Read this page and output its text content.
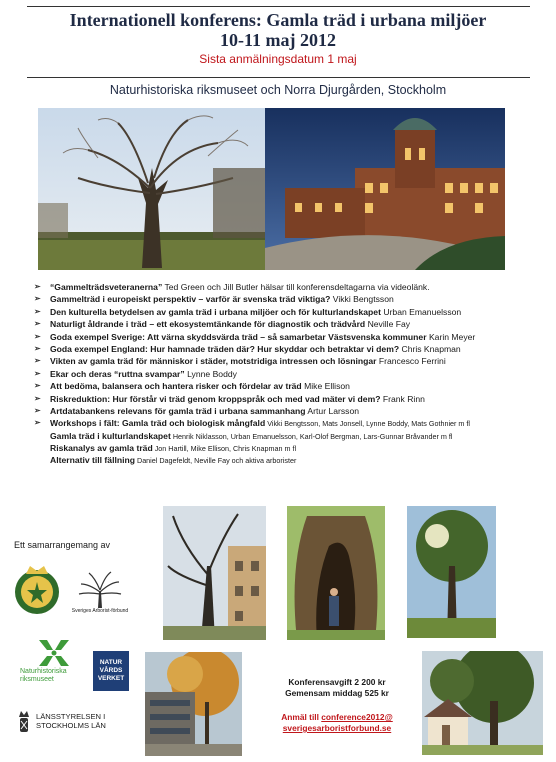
Internationell konferens: Gamla träd i urbana miljöer
10-11 maj 2012
Sista anmälningsdatum 1 maj
Naturhistoriska riksmuseet och Norra Djurgården, Stockholm
➢ “Gammelträdsveteranerna” Ted Green och Jill Butler hälsar till konferensdeltagarna via videolänk.
➢ Gammelträd i europeiskt perspektiv – varför är svenska träd viktiga? Vikki Bengtsson
➢ Den kulturella betydelsen av gamla träd i urbana miljöer och för kulturlandskapet Urban Emanuelsson
➢ Naturligt åldrande i träd – ett ekosystemtänkande för diagnostik och trädvård Neville Fay
➢ Goda exempel Sverige: Att värna skyddsvärda träd – så samarbetar Västsvenska kommuner Karin Meyer
➢ Goda exempel England: Hur hamnade träden där? Hur skyddar och betraktar vi dem? Chris Knapman
➢ Vikten av gamla träd för människor i städer, motstridiga intressen och lösningar Francesco Ferrini
➢ Ekar och deras “ruttna svampar” Lynne Boddy
➢ Att bedöma, balansera och hantera risker och fördelar av träd Mike Ellison
➢ Riskreduktion: Hur förstår vi träd genom kroppspråk och med vad mäter vi dem? Frank Rinn
➢ Artdatabankens relevans för gamla träd i urbana sammanhang Artur Larsson
➢ Workshops i fält: Gamla träd och biologisk mångfald Vikki Bengtsson, Mats Jonsell, Lynne Boddy, Mats Gothnier m fl
Gamla träd i kulturlandskapet Henrik Niklasson, Urban Emanuelsson, Karl-Olof Bergman, Lars-Gunnar Bråvander m fl
Riskanalys av gamla träd Jon Hartill, Mike Ellison, Chris Knapman m fl
Alternativ till fällning Daniel Dagefeldt, Neville Fay och aktiva arborister
Ett samarrangemang av
Sveriges Arborist-förbund
Naturhistoriska riksmuseet
NATUR VÅRDS VERKET
LÄNSSTYRELSEN I STOCKHOLMS LÄN
Konferensavgift 2 200 kr
Gemensam middag 525 kr
Anmäl till conference2012@
sverigesarboristforbund.se
